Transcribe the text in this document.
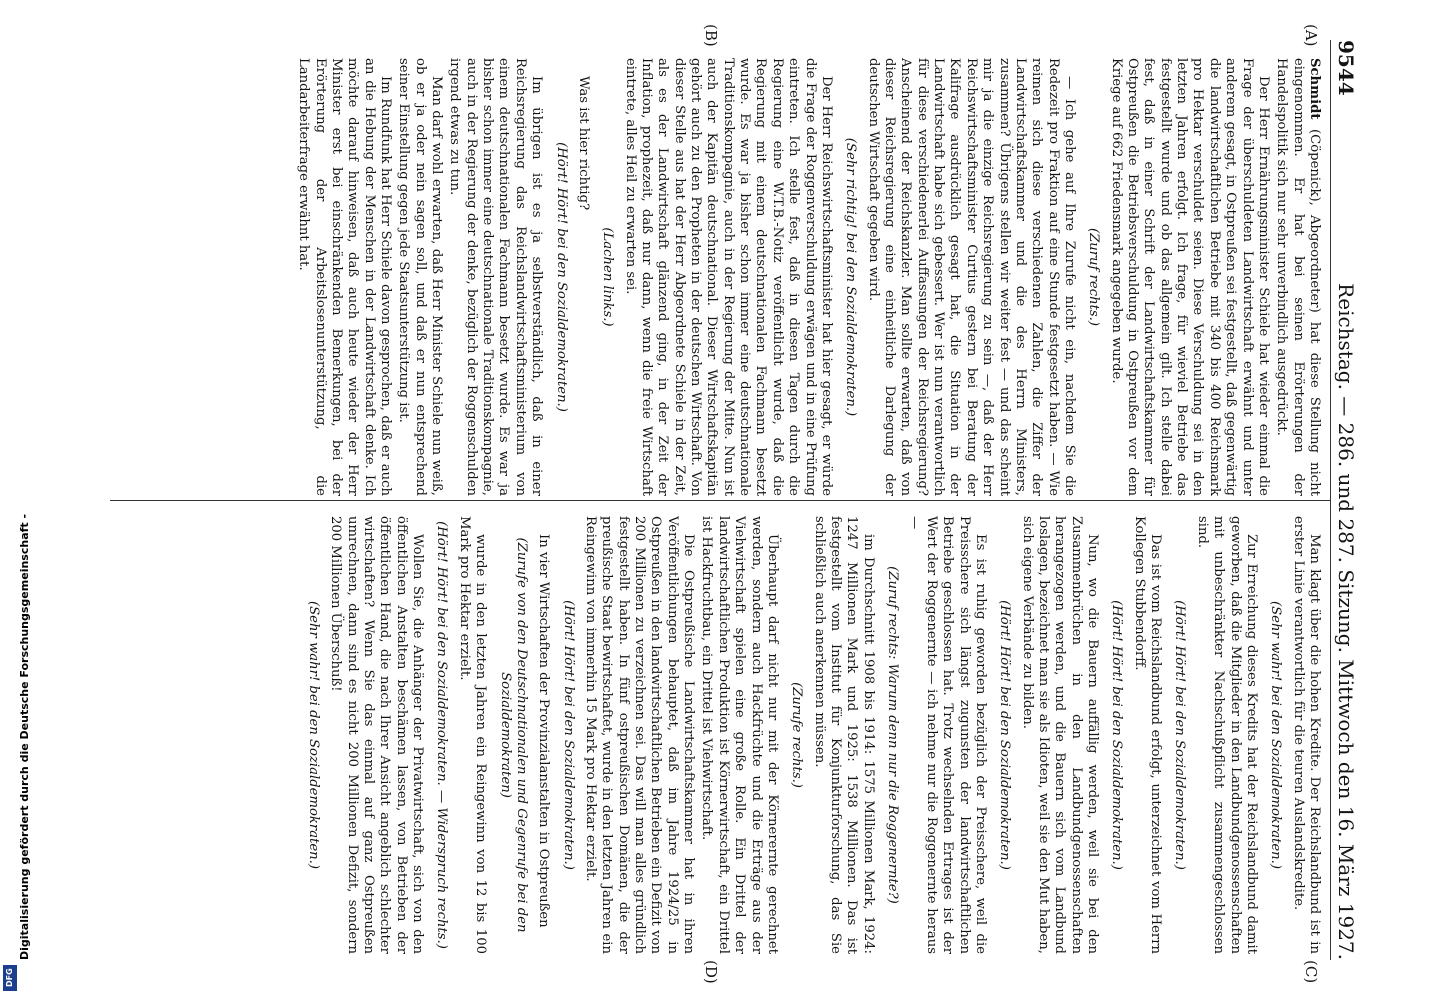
Digitalisierung gefördert durch die Deutsche Forschungsgemeinschaft -
DFG
9544
Reichstag. — 286. und 287. Sitzung. Mittwoch den 16. März 1927.
(A)
(B)
(C)
(D)
Schmidt (Cöpenick), Abgeordneter) hat diese Stellung nicht eingenommen. Er hat bei seinen Erörterungen der Handelspolitik sich nur sehr unverbindlich ausgedrückt.
Der Herr Ernährungsminister Schiele hat wieder einmal die Frage der überschuldeten Landwirtschaft erwähnt und unter anderem gesagt, in Ostpreußen sei festgestellt, daß gegenwärtig die landwirtschaftlichen Betriebe mit 340 bis 400 Reichsmark pro Hektar verschuldet seien. Diese Verschuldung sei in den letzten Jahren erfolgt. Ich frage, für wieviel Betriebe das festgestellt wurde und ob das allgemein gilt. Ich stelle dabei fest, daß in einer Schrift der Landwirtschaftskammer für Ostpreußen die Betriebsverschuldung in Ostpreußen vor dem Kriege auf 662 Friedensmark angegeben wurde.
(Zuruf rechts.)
— Ich gehe auf Ihre Zurufe nicht ein, nachdem Sie die Redezeit pro Fraktion auf eine Stunde festgesetzt haben. — Wie reimen sich diese verschiedenen Zahlen, die Ziffer der Landwirtschaftskammer und die des Herrn Ministers, zusammen? Übrigens stellen wir weiter fest — und das scheint mir ja die einzige Reichsregierung zu sein —, daß der Herr Reichswirtschaftsminister Curtius gestern bei Beratung der Kalifrage ausdrücklich gesagt hat, die Situation in der Landwirtschaft habe sich gebessert. Wer ist nun verantwortlich für diese verschiedenerlei Auffassungen der Reichsregierung? Anscheinend der Reichskanzler. Man sollte erwarten, daß von dieser Reichsregierung eine einheitliche Darlegung der deutschen Wirtschaft gegeben wird.
(Sehr richtig! bei den Sozialdemokraten.)
Der Herr Reichswirtschaftsminister hat hier gesagt, er würde die Frage der Roggenverschuldung erwägen und in eine Prüfung eintreten. Ich stelle fest, daß in diesen Tagen durch die Regierung eine W.T.B.-Notiz veröffentlicht wurde, daß die Regierung mit einem deutschnationalen Fachmann besetzt wurde. Es war ja bisher schon immer eine deutschnationale Traditionskompagnie, auch in der Regierung der Mitte. Nun ist auch der Kapitän deutschnational. Dieser Wirtschaftskapitän gehört auch zu den Propheten in der deutschen Wirtschaft. Von dieser Stelle aus hat der Herr Abgeordnete Schiele in der Zeit, als es der Landwirtschaft glänzend ging, in der Zeit der Inflation, prophezeit, daß nur dann, wenn die freie Wirtschaft eintrete, alles Heil zu erwarten sei.
(Lachen links.)
Was ist hier richtig?
(Hört! Hört! bei den Sozialdemokraten.)
Im übrigen ist es ja selbstverständlich, daß in einer Reichsregierung das Reichslandwirtschaftsministerium von einem deutschnationalen Fachmann besetzt wurde. Es war ja bisher schon immer eine deutschnationale Traditionskompagnie, auch in der Regierung der denke, bezüglich der Roggenschulden irgend etwas zu tun.
Man darf wohl erwarten, daß Herr Minister Schiele nun weiß, ob er ja oder nein sagen soll, und daß er nun entsprechend seiner Einstellung gegen jede Staatsunterstützung ist.
Im Rundfunk hat Herr Schiele davon gesprochen, daß er auch an die Hebung der Menschen in der Landwirtschaft denke. Ich möchte darauf hinweisen, daß auch heute wieder der Herr Minister erst bei einschränkenden Bemerkungen, bei der Erörterung der Arbeitslosenunterstützung, die Landarbeiterfrage erwähnt hat.
Man klagt über die hohen Kredite. Der Reichslandbund ist in erster Linie verantwortlich für die teuren Auslandskredite.
(Sehr wahr! bei den Sozialdemokraten.)
Zur Erreichung dieses Kredits hat der Reichslandbund damit geworben, daß die Mitglieder in den Landbundgenossenschaften mit unbeschränkter Nachschußpflicht zusammengeschlossen sind.
(Hört! Hört! bei den Sozialdemokraten.)
Das ist vom Reichslandbund erfolgt, unterzeichnet vom Herrn Kollegen Stubbendorff.
(Hört! Hört! bei den Sozialdemokraten.)
Nun, wo die Bauern auffällig werden, weil sie bei den Zusammenbrüchen in den Landbundgenossenschaften herangezogen werden, und die Bauern sich vom Landbund loslagen, bezeichnet man sie als Idioten, weil sie den Mut haben, sich eigene Verbände zu bilden.
(Hört! Hört! bei den Sozialdemokraten.)
Es ist ruhig geworden bezüglich der Preisschere, weil die Preisschere sich längst zugunsten der landwirtschaftlichen Betriebe geschlossen hat. Trotz wechselnden Ertrages ist der Wert der Roggenernte — ich nehme nur die Roggenernte heraus —
(Zuruf rechts: Warum denn nur die Roggenernte?)
im Durchschnitt 1908 bis 1914: 1575 Millionen Mark, 1924: 1247 Millionen Mark und 1925: 1538 Millionen. Das ist festgestellt vom Institut für Konjunkturforschung, das Sie schließlich auch anerkennen müssen.
(Zurufe rechts.)
Überhaupt darf nicht nur mit der Körnerernte gerechnet werden, sondern auch Hackfrüchte und die Erträge aus der Viehwirtschaft spielen eine große Rolle. Ein Drittel der landwirtschaftlichen Produktion ist Körnerwirtschaft, ein Drittel ist Hackfruchtbau, ein Drittel ist Viehwirtschaft.
Die Ostpreußische Landwirtschaftskammer hat in ihren Veröffentlichungen behauptet, daß im Jahre 1924/25 in Ostpreußen in den landwirtschaftlichen Betrieben ein Defizit von 200 Millionen zu verzeichnen sei. Das will man alles gründlich festgestellt haben. In fünf ostpreußischen Domänen, die der preußische Staat bewirtschaftet, wurde in den letzten Jahren ein Reingewinn von immerhin 15 Mark pro Hektar erzielt.
(Hört! Hört! bei den Sozialdemokraten.)
In vier Wirtschaften der Provinzialanstalten in Ostpreußen
(Zurufe von den Deutschnationalen und Gegenrufe bei den Sozialdemokraten)
wurde in den letzten Jahren ein Reingewinn von 12 bis 100 Mark pro Hektar erzielt.
(Hört! Hört! bei den Sozialdemokraten. — Widerspruch rechts.)
Wollen Sie, die Anhänger der Privatwirtschaft, sich von den öffentlichen Anstalten beschämen lassen, von Betrieben der öffentlichen Hand, die nach Ihrer Ansicht angeblich schlechter wirtschaften? Wenn Sie das einmal auf ganz Ostpreußen umrechnen, dann sind es nicht 200 Millionen Defizit, sondern 200 Millionen Überschuß!
(Sehr wahr! bei den Sozialdemokraten.)
